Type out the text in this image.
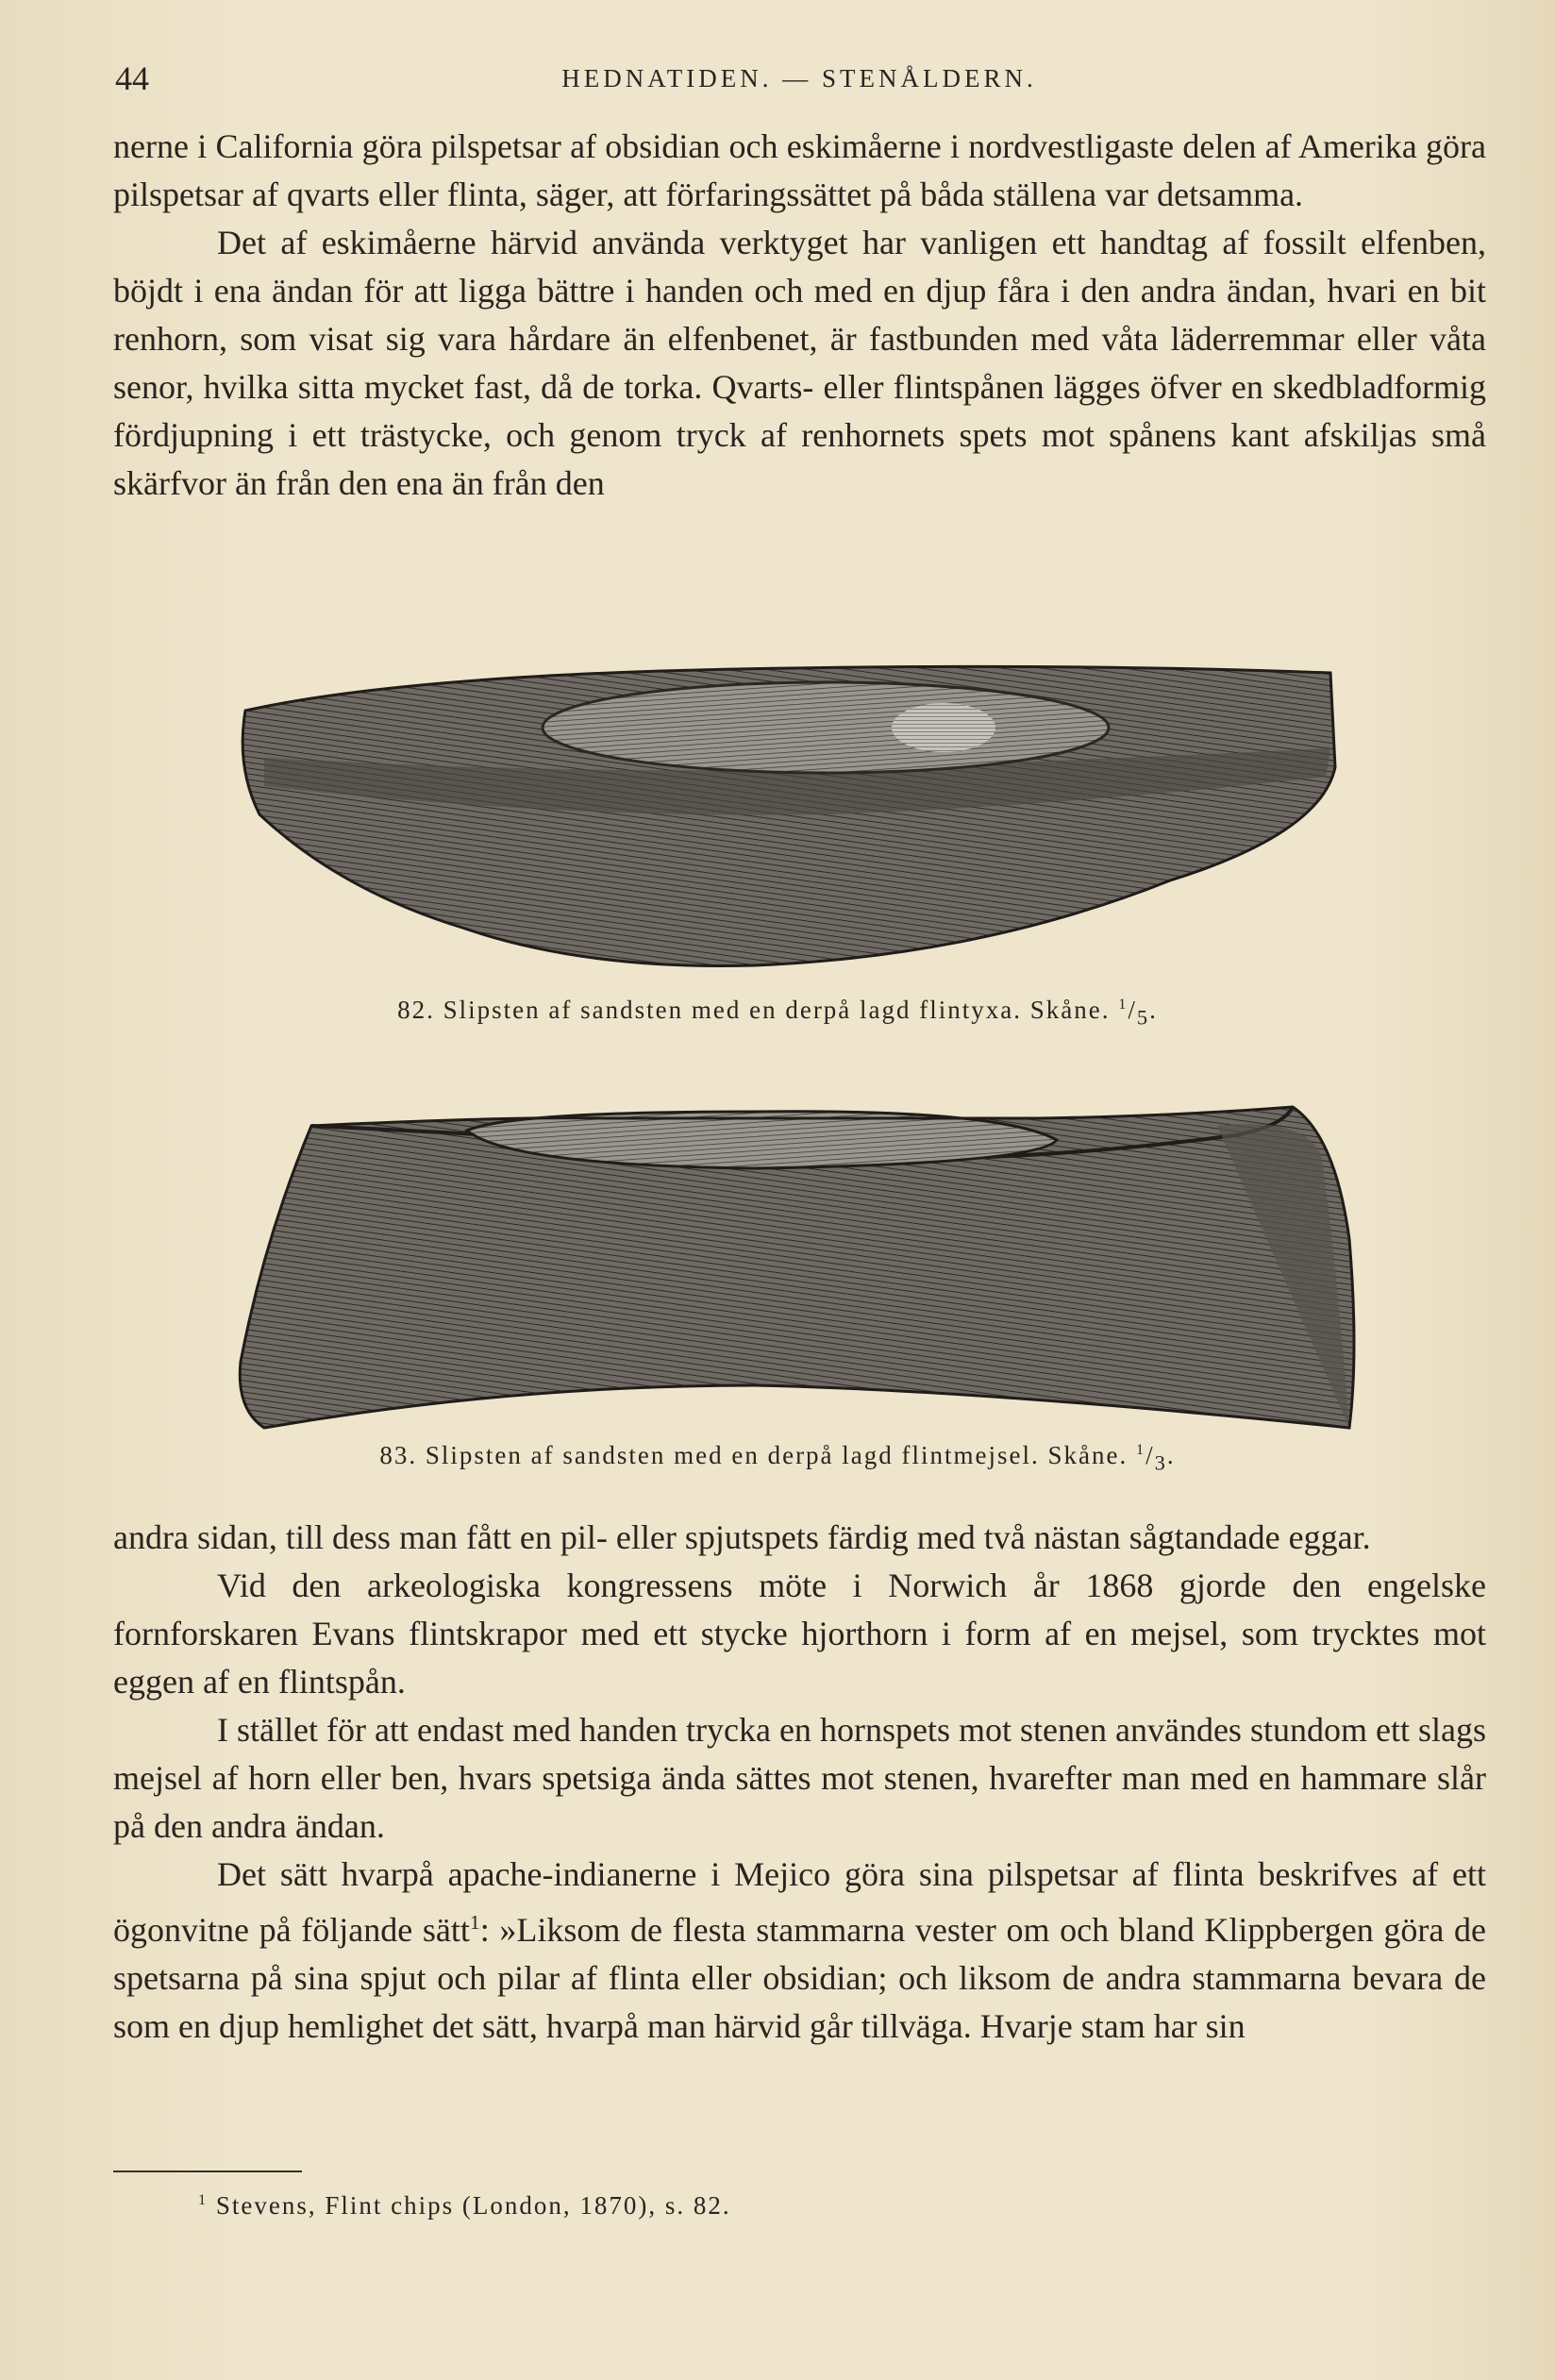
44	HEDNATIDEN. — STENÅLDERN.

nerne i California göra pilspetsar af obsidian och eskimåerne i nordvestligaste delen af Amerika göra pilspetsar af qvarts eller flinta, säger, att förfaringssättet på båda ställena var detsamma.

Det af eskimåerne härvid använda verktyget har vanligen ett handtag af fossilt elfenben, böjdt i ena ändan för att ligga bättre i handen och med en djup fåra i den andra ändan, hvari en bit renhorn, som visat sig vara hårdare än elfenbenet, är fastbunden med våta läderremmar eller våta senor, hvilka sitta mycket fast, då de torka. Qvarts- eller flintspånen lägges öfver en skedbladformig fördjupning i ett trästycke, och genom tryck af renhornets spets mot spånens kant afskiljas små skärfvor än från den ena än från den

82. Slipsten af sandsten med en derpå lagd flintyxa. Skåne. $^1/_5$.
83. Slipsten af sandsten med en derpå lagd flintmejsel. Skåne. $^1/_3$.

andra sidan, till dess man fått en pil- eller spjutspets färdig med två nästan sågtandade eggar.

Vid den arkeologiska kongressens möte i Norwich år 1868 gjorde den engelske fornforskaren Evans flintskrapor med ett stycke hjorthorn i form af en mejsel, som trycktes mot eggen af en flintspån.

I stället för att endast med handen trycka en hornspets mot stenen användes stundom ett slags mejsel af horn eller ben, hvars spetsiga ända sättes mot stenen, hvarefter man med en hammare slår på den andra ändan.

Det sätt hvarpå apache-indianerne i Mejico göra sina pilspetsar af flinta beskrifves af ett ögonvitne på följande sätt$^1$: »Liksom de flesta stammarna vester om och bland Klippbergen göra de spetsarna på sina spjut och pilar af flinta eller obsidian; och liksom de andra stammarna bevara de som en djup hemlighet det sätt, hvarpå man härvid går tillväga. Hvarje stam har sin

$^1$ Stevens, Flint chips (London, 1870), s. 82.
